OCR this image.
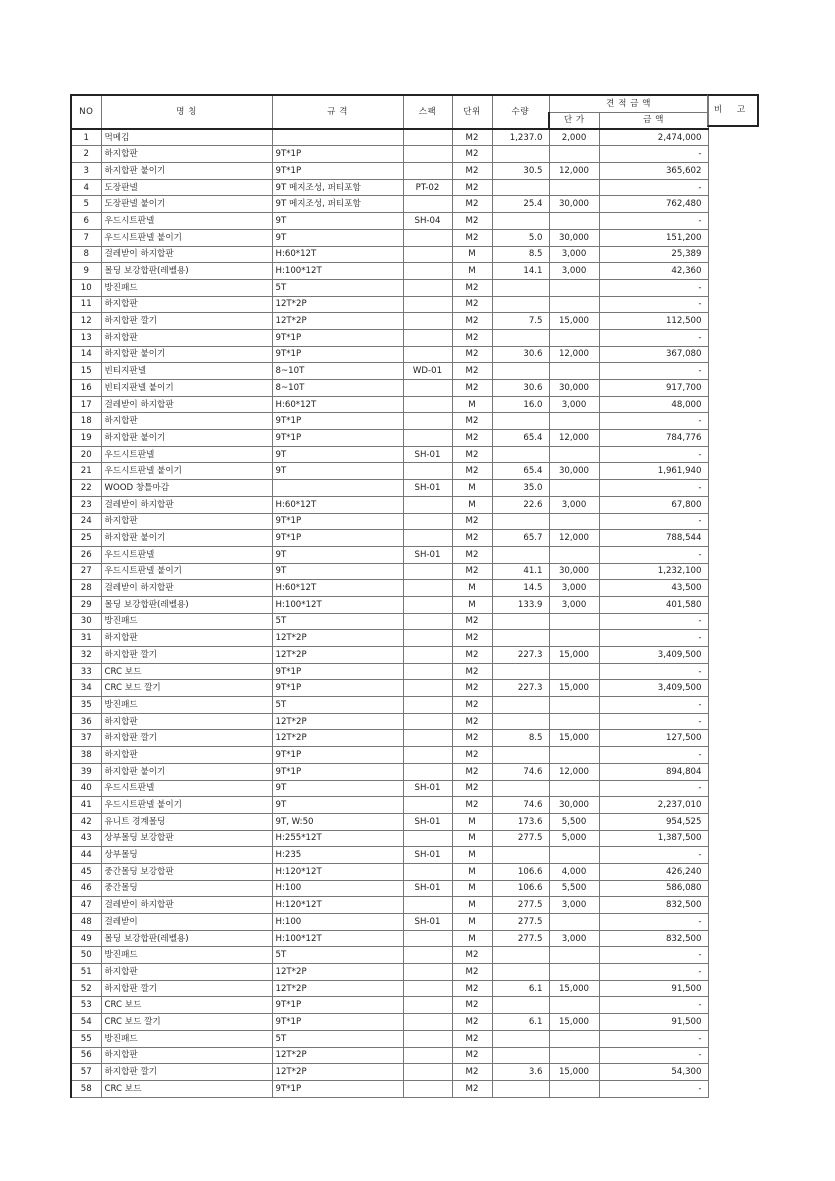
NO	명 칭	규 격	스팩	단위	수량	견 적 금 액	
						단 가	금 액
1	먹메김			M2	1,237.0	2,000	2,474,000
2	하지합판	9T*1P		M2			-
3	하지합판 붙이기	9T*1P		M2	30.5	12,000	365,602
4	도장판넬	9T 메지조성, 퍼티포함	PT-02	M2			-
5	도장판넬 붙이기	9T 메지조성, 퍼티포함		M2	25.4	30,000	762,480
6	우드시트판넬	9T	SH-04	M2			-
7	우드시트판넬 붙이기	9T		M2	5.0	30,000	151,200
8	걸레받이 하지합판	H:60*12T		M	8.5	3,000	25,389
9	몰딩 보강합판(레벨용)	H:100*12T		M	14.1	3,000	42,360
10	방진패드	5T		M2			-
11	하지합판	12T*2P		M2			-
12	하지합판 깔기	12T*2P		M2	7.5	15,000	112,500
13	하지합판	9T*1P		M2			-
14	하지합판 붙이기	9T*1P		M2	30.6	12,000	367,080
15	빈티지판넬	8~10T	WD-01	M2			-
16	빈티지판넬 붙이기	8~10T		M2	30.6	30,000	917,700
17	걸레받이 하지합판	H:60*12T		M	16.0	3,000	48,000
18	하지합판	9T*1P		M2			-
19	하지합판 붙이기	9T*1P		M2	65.4	12,000	784,776
20	우드시트판넬	9T	SH-01	M2			-
21	우드시트판넬 붙이기	9T		M2	65.4	30,000	1,961,940
22	WOOD 창틀마감		SH-01	M	35.0		-
23	걸레받이 하지합판	H:60*12T		M	22.6	3,000	67,800
24	하지합판	9T*1P		M2			-
25	하지합판 붙이기	9T*1P		M2	65.7	12,000	788,544
26	우드시트판넬	9T	SH-01	M2			-
27	우드시트판넬 붙이기	9T		M2	41.1	30,000	1,232,100
28	걸레받이 하지합판	H:60*12T		M	14.5	3,000	43,500
29	몰딩 보강합판(레벨용)	H:100*12T		M	133.9	3,000	401,580
30	방진패드	5T		M2			-
31	하지합판	12T*2P		M2			-
32	하지합판 깔기	12T*2P		M2	227.3	15,000	3,409,500
33	CRC 보드	9T*1P		M2			-
34	CRC 보드 깔기	9T*1P		M2	227.3	15,000	3,409,500
35	방진패드	5T		M2			-
36	하지합판	12T*2P		M2			-
37	하지합판 깔기	12T*2P		M2	8.5	15,000	127,500
38	하지합판	9T*1P		M2			-
39	하지합판 붙이기	9T*1P		M2	74.6	12,000	894,804
40	우드시트판넬	9T	SH-01	M2			-
41	우드시트판넬 붙이기	9T		M2	74.6	30,000	2,237,010
42	유니트 경계몰딩	9T, W:50	SH-01	M	173.6	5,500	954,525
43	상부몰딩 보강합판	H:255*12T		M	277.5	5,000	1,387,500
44	상부몰딩	H:235	SH-01	M			-
45	중간몰딩 보강합판	H:120*12T		M	106.6	4,000	426,240
46	중간몰딩	H:100	SH-01	M	106.6	5,500	586,080
47	걸레받이 하지합판	H:120*12T		M	277.5	3,000	832,500
48	걸레받이	H:100	SH-01	M	277.5		-
49	몰딩 보강합판(레벨용)	H:100*12T		M	277.5	3,000	832,500
50	방진패드	5T		M2			-
51	하지합판	12T*2P		M2			-
52	하지합판 깔기	12T*2P		M2	6.1	15,000	91,500
53	CRC 보드	9T*1P		M2			-
54	CRC 보드 깔기	9T*1P		M2	6.1	15,000	91,500
55	방진패드	5T		M2			-
56	하지합판	12T*2P		M2			-
57	하지합판 깔기	12T*2P		M2	3.6	15,000	54,300
58	CRC 보드	9T*1P		M2			-
비 고
